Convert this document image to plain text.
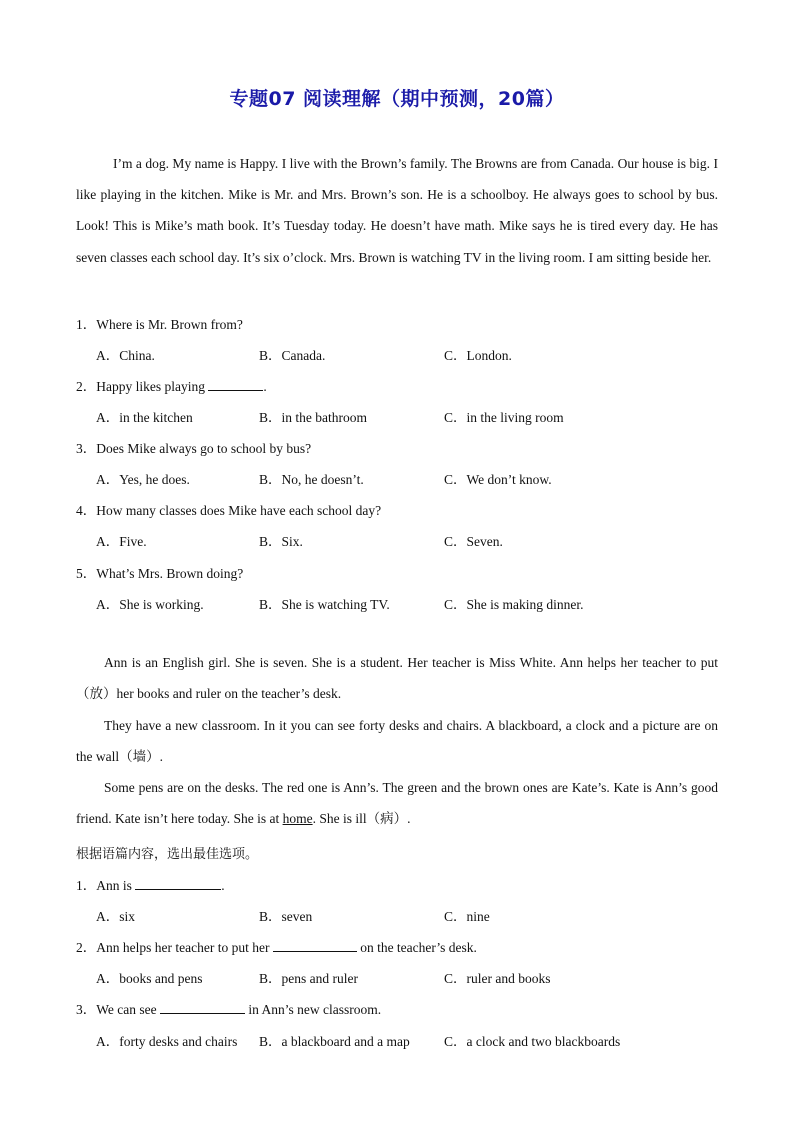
专题07 阅读理解（期中预测，20篇）

I’m a dog. My name is Happy. I live with the Brown’s family. The Browns are from Canada. Our house is big. I like playing in the kitchen. Mike is Mr. and Mrs. Brown’s son. He is a schoolboy. He always goes to school by bus. Look! This is Mike’s math book. It’s Tuesday today. He doesn’t have math. Mike says he is tired every day. He has seven classes each school day. It’s six o’clock. Mrs. Brown is watching TV in the living room. I am sitting beside her.

1．Where is Mr. Brown from?
A．China.	B．Canada.	C．London.
2．Happy likes playing	.
A．in the kitchen	B．in the bathroom	C．in the living room
3．Does Mike always go to school by bus?
A．Yes, he does.	B．No, he doesn’t.	C．We don’t know.
4．How many classes does Mike have each school day?
A．Five.	B．Six.	C．Seven.
5．What’s Mrs. Brown doing?
A．She is working.	B．She is watching TV.	C．She is making dinner.

Ann is an English girl. She is seven. She is a student. Her teacher is Miss White. Ann helps her teacher to put （放）her books and ruler on the teacher’s desk.

They have a new classroom. In it you can see forty desks and chairs. A blackboard, a clock and a picture are on the wall（墙）.

Some pens are on the desks. The red one is Ann’s. The green and the brown ones are Kate’s. Kate is Ann’s good friend. Kate isn’t here today. She is at home. She is ill（病）.

根据语篇内容，选出最佳选项。
1．Ann is	.
A．six	B．seven	C．nine
2．Ann helps her teacher to put her	on the teacher’s desk.
A．books and pens	B．pens and ruler	C．ruler and books
3．We can see	in Ann’s new classroom.
A．forty desks and chairs B．a blackboard and a map	C．a clock and two blackboards
